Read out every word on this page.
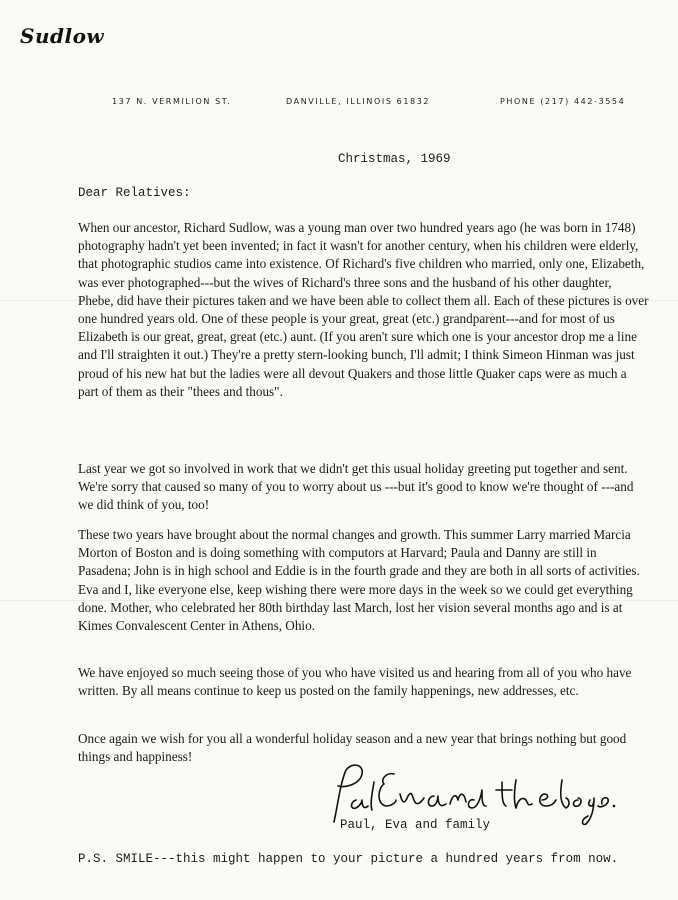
Sudlow
137 N. VERMILION ST.	DANVILLE, ILLINOIS 61832	PHONE (217) 442-3554
Christmas, 1969
Dear Relatives:
When our ancestor, Richard Sudlow, was a young man over two hundred years ago (he was born in 1748) photography hadn't yet been invented; in fact it wasn't for another century, when his children were elderly, that photographic studios came into existence. Of Richard's five children who married, only one, Elizabeth, was ever photographed---but the wives of Richard's three sons and the husband of his other daughter, Phebe, did have their pictures taken and we have been able to collect them all. Each of these pictures is over one hundred years old. One of these people is your great, great (etc.) grandparent---and for most of us Elizabeth is our great, great, great (etc.) aunt. (If you aren't sure which one is your ancestor drop me a line and I'll straighten it out.) They're a pretty stern-looking bunch, I'll admit; I think Simeon Hinman was just proud of his new hat but the ladies were all devout Quakers and those little Quaker caps were as much a part of them as their "thees and thous".
Last year we got so involved in work that we didn't get this usual holiday greeting put together and sent. We're sorry that caused so many of you to worry about us ---but it's good to know we're thought of ---and we did think of you, too!
These two years have brought about the normal changes and growth. This summer Larry married Marcia Morton of Boston and is doing something with computors at Harvard; Paula and Danny are still in Pasadena; John is in high school and Eddie is in the fourth grade and they are both in all sorts of activities. Eva and I, like everyone else, keep wishing there were more days in the week so we could get everything done. Mother, who celebrated her 80th birthday last March, lost her vision several months ago and is at Kimes Convalescent Center in Athens, Ohio.
We have enjoyed so much seeing those of you who have visited us and hearing from all of you who have written. By all means continue to keep us posted on the family happenings, new addresses, etc.
Once again we wish for you all a wonderful holiday season and a new year that brings nothing but good things and happiness!
Paul, Eva and family
P.S. SMILE---this might happen to your picture a hundred years from now.
